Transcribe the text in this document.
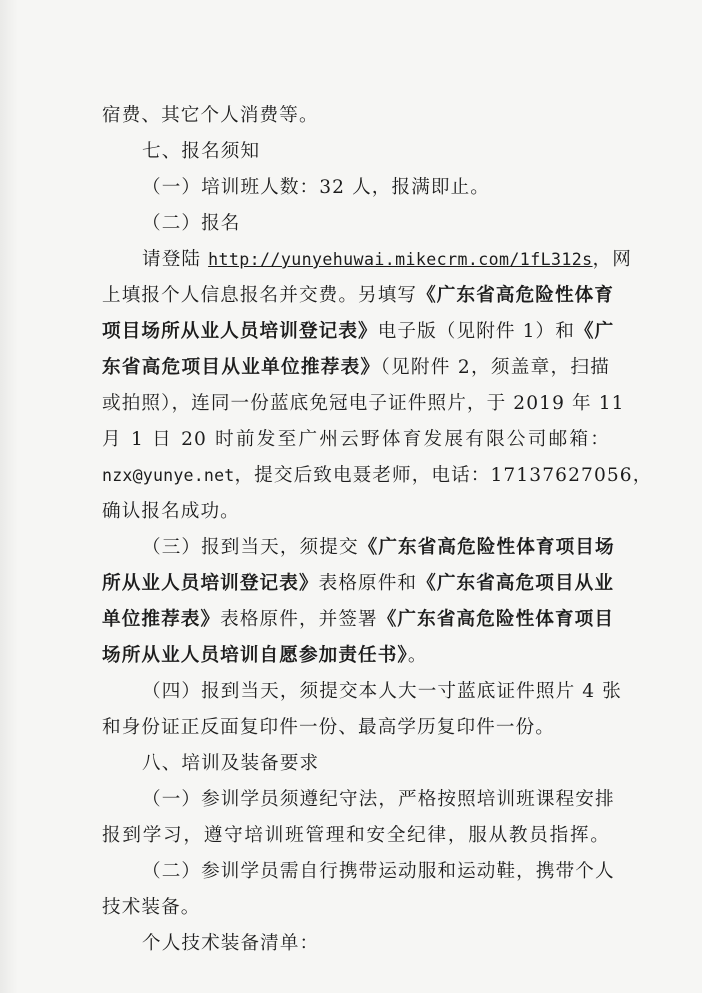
宿费、其它个人消费等。
七、报名须知
（一）培训班人数：32 人，报满即止。
（二）报名
请登陆 http://yunyehuwai.mikecrm.com/1fL312s，网
上填报个人信息报名并交费。另填写《广东省高危险性体育
项目场所从业人员培训登记表》电子版（见附件 1）和《广
东省高危项目从业单位推荐表》（见附件 2，须盖章，扫描
或拍照），连同一份蓝底免冠电子证件照片，于 2019 年 11
月 1 日 20 时前发至广州云野体育发展有限公司邮箱：
nzx@yunye.net，提交后致电聂老师，电话：17137627056，
确认报名成功。
（三）报到当天，须提交《广东省高危险性体育项目场
所从业人员培训登记表》表格原件和《广东省高危项目从业
单位推荐表》表格原件，并签署《广东省高危险性体育项目
场所从业人员培训自愿参加责任书》。
（四）报到当天，须提交本人大一寸蓝底证件照片 4 张
和身份证正反面复印件一份、最高学历复印件一份。
八、培训及装备要求
（一）参训学员须遵纪守法，严格按照培训班课程安排
报到学习，遵守培训班管理和安全纪律，服从教员指挥。
（二）参训学员需自行携带运动服和运动鞋，携带个人
技术装备。
个人技术装备清单：
